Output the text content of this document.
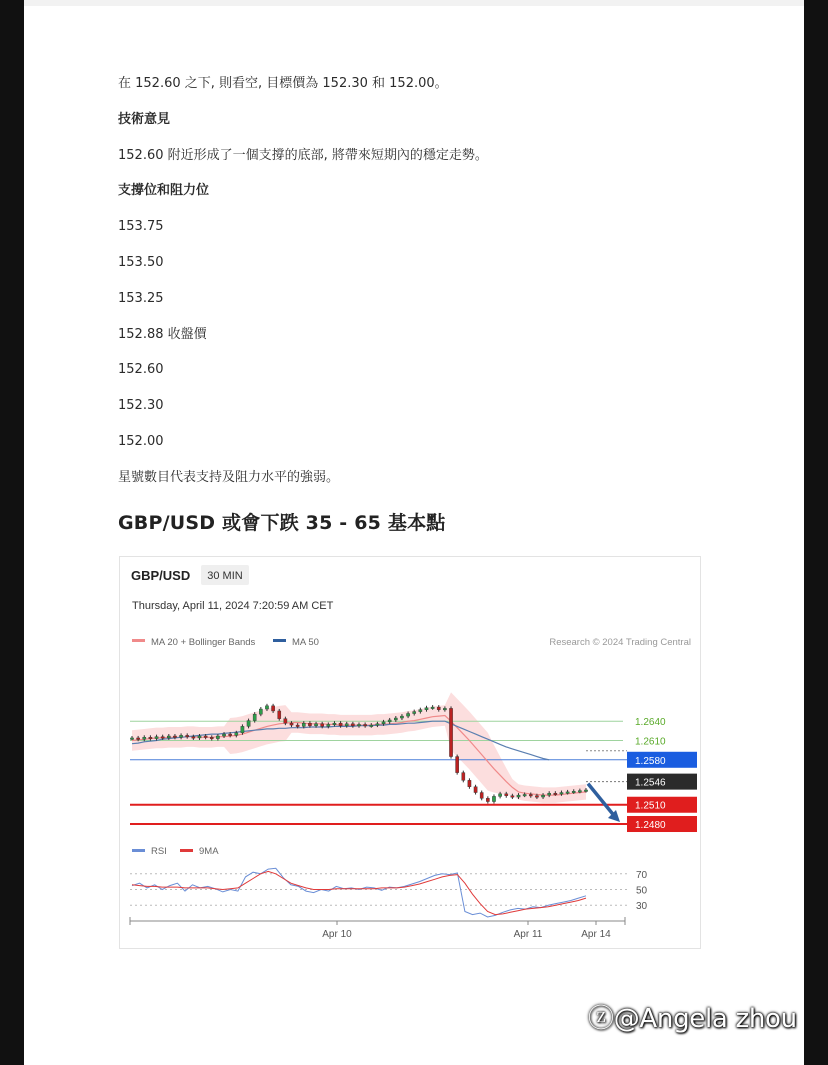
在 152.60 之下, 則看空, 目標價為 152.30 和 152.00。
技術意見
152.60 附近形成了一個支撐的底部, 將帶來短期內的穩定走勢。
支撐位和阻力位
153.75
153.50
153.25
152.88 收盤價
152.60
152.30
152.00
星號數目代表支持及阻力水平的強弱。
GBP/USD 或會下跌 35 - 65 基本點
GBP/USD 30 MIN
Thursday, April 11, 2024 7:20:59 AM CET
MA 20 + Bollinger Bands	MA 50	Research © 2024 Trading Central
1.2640
1.2610
1.2580
1.2546
1.2510
1.2480
RSI	9MA
70
50
30
Apr 10	Apr 11	Apr 14
ⓩ@Angela zhou
